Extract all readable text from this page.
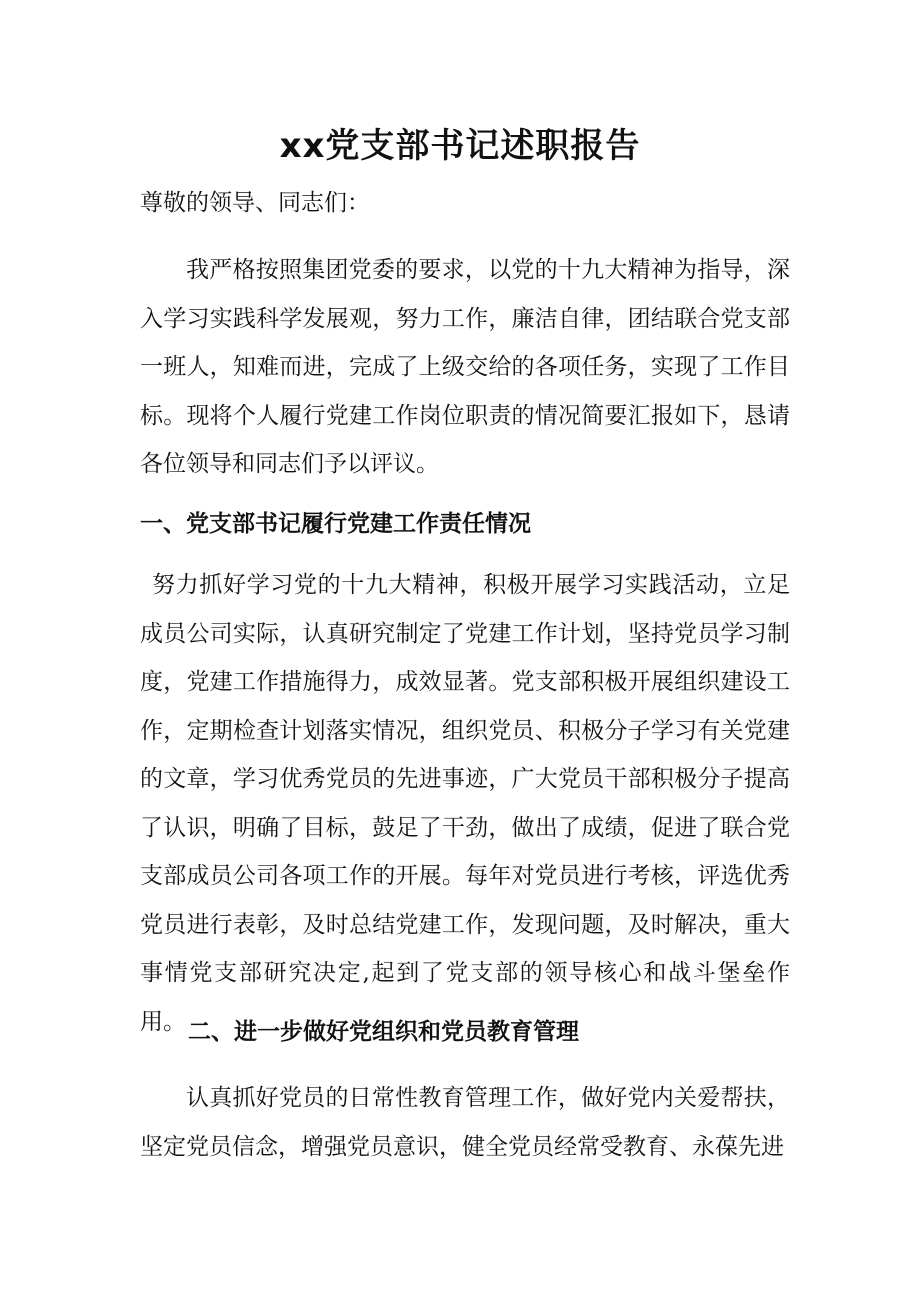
xx党支部书记述职报告

尊敬的领导、同志们：

我严格按照集团党委的要求，以党的十九大精神为指导，深入学习实践科学发展观，努力工作，廉洁自律，团结联合党支部一班人，知难而进，完成了上级交给的各项任务，实现了工作目标。现将个人履行党建工作岗位职责的情况简要汇报如下，恳请各位领导和同志们予以评议。

一、党支部书记履行党建工作责任情况

努力抓好学习党的十九大精神，积极开展学习实践活动，立足成员公司实际，认真研究制定了党建工作计划，坚持党员学习制度，党建工作措施得力，成效显著。党支部积极开展组织建设工作，定期检查计划落实情况，组织党员、积极分子学习有关党建的文章，学习优秀党员的先进事迹，广大党员干部积极分子提高了认识，明确了目标，鼓足了干劲，做出了成绩，促进了联合党支部成员公司各项工作的开展。每年对党员进行考核，评选优秀党员进行表彰，及时总结党建工作，发现问题，及时解决，重大事情党支部研究决定,起到了党支部的领导核心和战斗堡垒作用。 二、进一步做好党组织和党员教育管理

认真抓好党员的日常性教育管理工作，做好党内关爱帮扶，坚定党员信念，增强党员意识，健全党员经常受教育、永葆先进
